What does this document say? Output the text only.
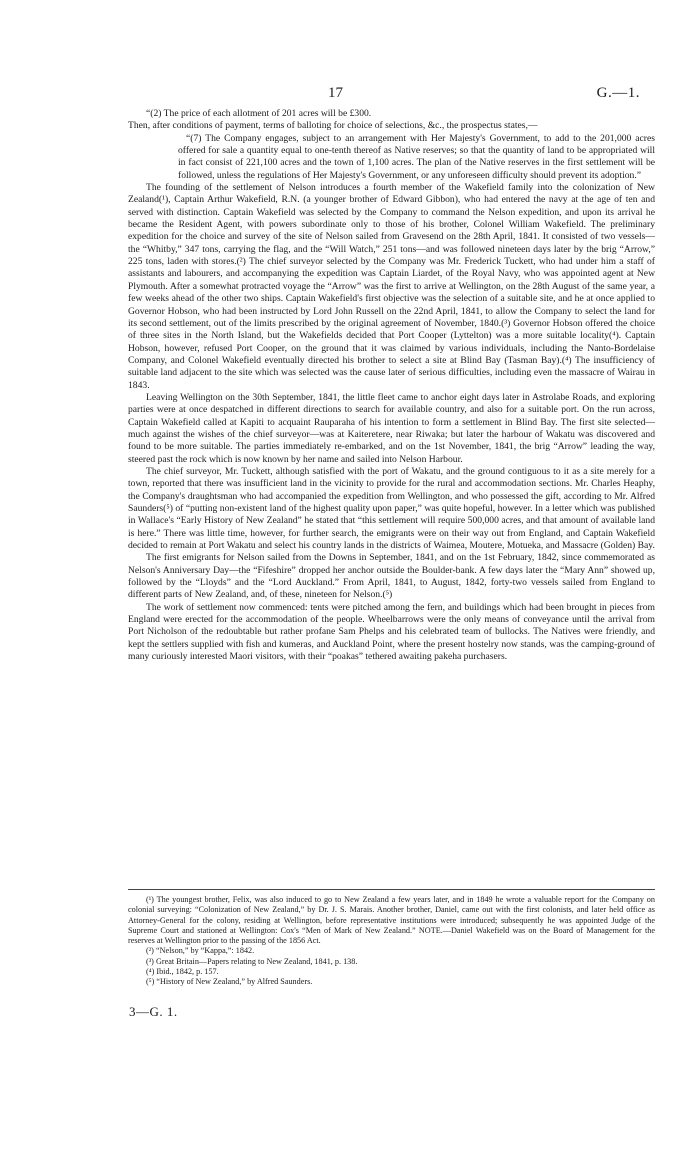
17	G.—1.

“(2) The price of each allotment of 201 acres will be £300.

Then, after conditions of payment, terms of balloting for choice of selections, &c., the prospectus states,—

“(7) The Company engages, subject to an arrangement with Her Majesty's Government, to add to the 201,000 acres offered for sale a quantity equal to one-tenth thereof as Native reserves; so that the quantity of land to be appropriated will in fact consist of 221,100 acres and the town of 1,100 acres. The plan of the Native reserves in the first settlement will be followed, unless the regulations of Her Majesty's Government, or any unforeseen difficulty should prevent its adoption.”

The founding of the settlement of Nelson introduces a fourth member of the Wakefield family into the colonization of New Zealand(¹), Captain Arthur Wakefield, R.N. (a younger brother of Edward Gibbon), who had entered the navy at the age of ten and served with distinction. Captain Wakefield was selected by the Company to command the Nelson expedition, and upon its arrival he became the Resident Agent, with powers subordinate only to those of his brother, Colonel William Wakefield. The preliminary expedition for the choice and survey of the site of Nelson sailed from Gravesend on the 28th April, 1841. It consisted of two vessels—the “Whitby,” 347 tons, carrying the flag, and the “Will Watch,” 251 tons—and was followed nineteen days later by the brig “Arrow,” 225 tons, laden with stores.(²) The chief surveyor selected by the Company was Mr. Frederick Tuckett, who had under him a staff of assistants and labourers, and accompanying the expedition was Captain Liardet, of the Royal Navy, who was appointed agent at New Plymouth. After a somewhat protracted voyage the “Arrow” was the first to arrive at Wellington, on the 28th August of the same year, a few weeks ahead of the other two ships. Captain Wakefield's first objective was the selection of a suitable site, and he at once applied to Governor Hobson, who had been instructed by Lord John Russell on the 22nd April, 1841, to allow the Company to select the land for its second settlement, out of the limits prescribed by the original agreement of November, 1840.(³) Governor Hobson offered the choice of three sites in the North Island, but the Wakefields decided that Port Cooper (Lyttelton) was a more suitable locality(⁴). Captain Hobson, however, refused Port Cooper, on the ground that it was claimed by various individuals, including the Nanto-Bordelaise Company, and Colonel Wakefield eventually directed his brother to select a site at Blind Bay (Tasman Bay).(⁴) The insufficiency of suitable land adjacent to the site which was selected was the cause later of serious difficulties, including even the massacre of Wairau in 1843.

Leaving Wellington on the 30th September, 1841, the little fleet came to anchor eight days later in Astrolabe Roads, and exploring parties were at once despatched in different directions to search for available country, and also for a suitable port. On the run across, Captain Wakefield called at Kapiti to acquaint Rauparaha of his intention to form a settlement in Blind Bay. The first site selected—much against the wishes of the chief surveyor—was at Kaiteretere, near Riwaka; but later the harbour of Wakatu was discovered and found to be more suitable. The parties immediately re-embarked, and on the 1st November, 1841, the brig “Arrow” leading the way, steered past the rock which is now known by her name and sailed into Nelson Harbour.

The chief surveyor, Mr. Tuckett, although satisfied with the port of Wakatu, and the ground contiguous to it as a site merely for a town, reported that there was insufficient land in the vicinity to provide for the rural and accommodation sections. Mr. Charles Heaphy, the Company's draughtsman who had accompanied the expedition from Wellington, and who possessed the gift, according to Mr. Alfred Saunders(⁵) of “putting non-existent land of the highest quality upon paper,” was quite hopeful, however. In a letter which was published in Wallace's “Early History of New Zealand” he stated that “this settlement will require 500,000 acres, and that amount of available land is here.” There was little time, however, for further search, the emigrants were on their way out from England, and Captain Wakefield decided to remain at Port Wakatu and select his country lands in the districts of Waimea, Moutere, Motueka, and Massacre (Golden) Bay.

The first emigrants for Nelson sailed from the Downs in September, 1841, and on the 1st February, 1842, since commemorated as Nelson's Anniversary Day—the “Fifeshire” dropped her anchor outside the Boulder-bank. A few days later the “Mary Ann” showed up, followed by the “Lloyds” and the “Lord Auckland.” From April, 1841, to August, 1842, forty-two vessels sailed from England to different parts of New Zealand, and, of these, nineteen for Nelson.(⁵)

The work of settlement now commenced: tents were pitched among the fern, and buildings which had been brought in pieces from England were erected for the accommodation of the people. Wheelbarrows were the only means of conveyance until the arrival from Port Nicholson of the redoubtable but rather profane Sam Phelps and his celebrated team of bullocks. The Natives were friendly, and kept the settlers supplied with fish and kumeras, and Auckland Point, where the present hostelry now stands, was the camping-ground of many curiously interested Maori visitors, with their “poakas” tethered awaiting pakeha purchasers.

(¹) The youngest brother, Felix, was also induced to go to New Zealand a few years later, and in 1849 he wrote a valuable report for the Company on colonial surveying: “Colonization of New Zealand,” by Dr. J. S. Marais. Another brother, Daniel, came out with the first colonists, and later held office as Attorney-General for the colony, residing at Wellington, before representative institutions were introduced; subsequently he was appointed Judge of the Supreme Court and stationed at Wellington: Cox's “Men of Mark of New Zealand.” NOTE.—Daniel Wakefield was on the Board of Management for the reserves at Wellington prior to the passing of the 1856 Act.

(²) “Nelson,” by “Kappa,”: 1842.

(³) Great Britain—Papers relating to New Zealand, 1841, p. 138.

(⁴) Ibid., 1842, p. 157.

(⁵) “History of New Zealand,” by Alfred Saunders.

3—G. 1.
